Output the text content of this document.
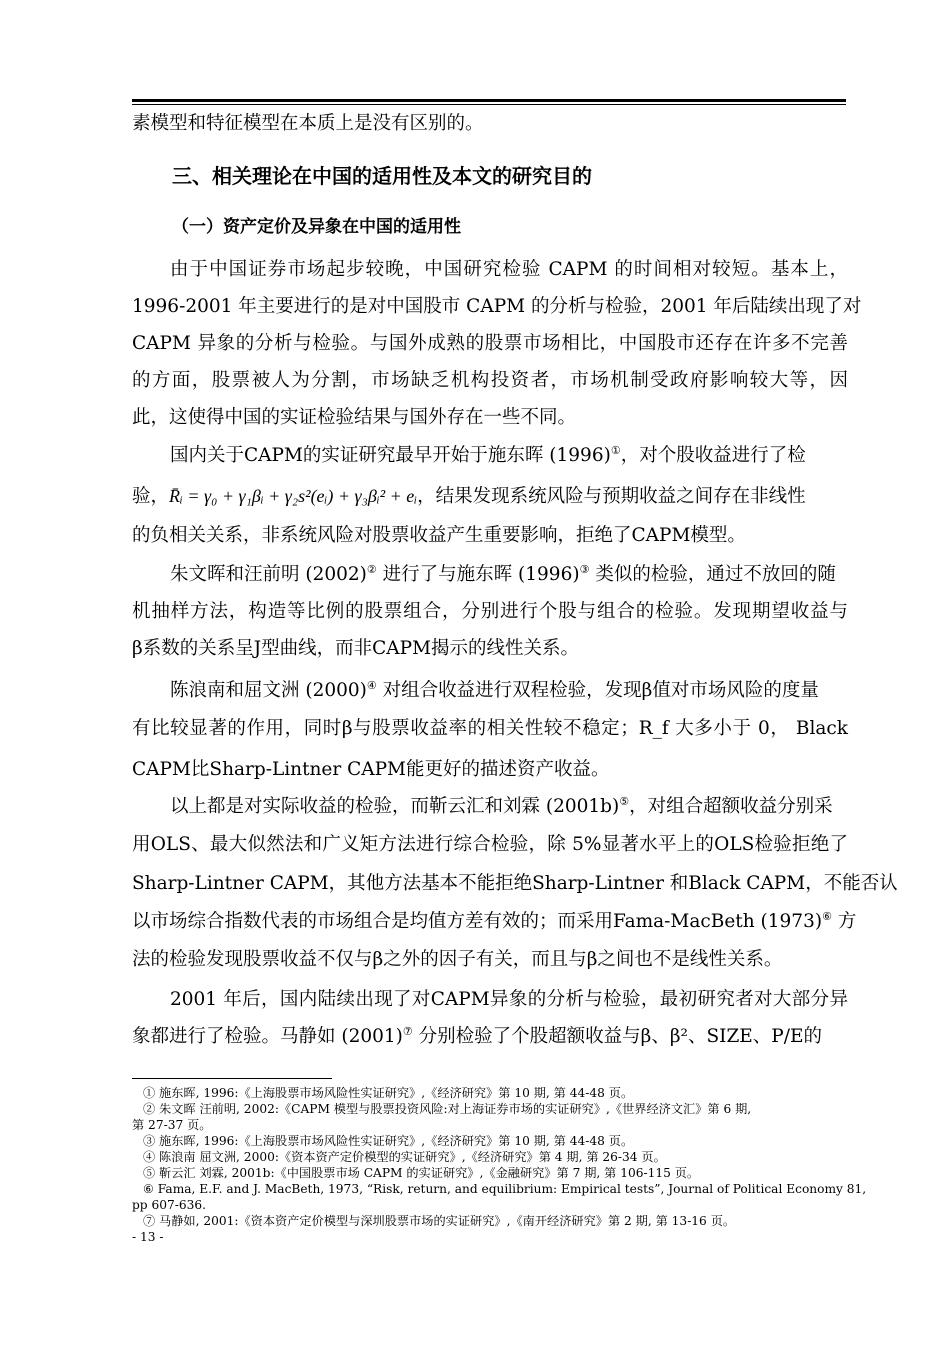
素模型和特征模型在本质上是没有区别的。
三、相关理论在中国的适用性及本文的研究目的
（一）资产定价及异象在中国的适用性
由于中国证券市场起步较晚，中国研究检验 CAPM 的时间相对较短。基本上，
1996-2001 年主要进行的是对中国股市 CAPM 的分析与检验，2001 年后陆续出现了对
CAPM 异象的分析与检验。与国外成熟的股票市场相比，中国股市还存在许多不完善
的方面，股票被人为分割，市场缺乏机构投资者，市场机制受政府影响较大等，因
此，这使得中国的实证检验结果与国外存在一些不同。
国内关于CAPM的实证研究最早开始于施东晖 (1996)①，对个股收益进行了检
验，R̄ᵢ = γ₀ + γ₁βᵢ + γ₂s²(eᵢ) + γ₃βᵢ² + eᵢ，结果发现系统风险与预期收益之间存在非线性
的负相关关系，非系统风险对股票收益产生重要影响，拒绝了CAPM模型。
朱文晖和汪前明 (2002)② 进行了与施东晖 (1996)③ 类似的检验，通过不放回的随
机抽样方法，构造等比例的股票组合，分别进行个股与组合的检验。发现期望收益与
β系数的关系呈J型曲线，而非CAPM揭示的线性关系。
陈浪南和屈文洲 (2000)④ 对组合收益进行双程检验，发现β值对市场风险的度量
有比较显著的作用，同时β与股票收益率的相关性较不稳定；R_f 大多小于 0， Black
CAPM比Sharp-Lintner CAPM能更好的描述资产收益。
以上都是对实际收益的检验，而靳云汇和刘霖 (2001b)⑤，对组合超额收益分别采
用OLS、最大似然法和广义矩方法进行综合检验，除 5%显著水平上的OLS检验拒绝了
Sharp-Lintner CAPM，其他方法基本不能拒绝Sharp-Lintner 和Black CAPM，不能否认
以市场综合指数代表的市场组合是均值方差有效的；而采用Fama-MacBeth (1973)⑥ 方
法的检验发现股票收益不仅与β之外的因子有关，而且与β之间也不是线性关系。
2001 年后，国内陆续出现了对CAPM异象的分析与检验，最初研究者对大部分异
象都进行了检验。马静如 (2001)⑦ 分别检验了个股超额收益与β、β²、SIZE、P/E的
① 施东晖, 1996:《上海股票市场风险性实证研究》,《经济研究》第 10 期, 第 44-48 页。
② 朱文晖 汪前明, 2002:《CAPM 模型与股票投资风险:对上海证券市场的实证研究》,《世界经济文汇》第 6 期,
第 27-37 页。
③ 施东晖, 1996:《上海股票市场风险性实证研究》,《经济研究》第 10 期, 第 44-48 页。
④ 陈浪南 屈文洲, 2000:《资本资产定价模型的实证研究》,《经济研究》第 4 期, 第 26-34 页。
⑤ 靳云汇 刘霖, 2001b:《中国股票市场 CAPM 的实证研究》,《金融研究》第 7 期, 第 106-115 页。
⑥ Fama, E.F. and J. MacBeth, 1973, “Risk, return, and equilibrium: Empirical tests”, Journal of Political Economy 81,
pp 607-636.
⑦ 马静如, 2001:《资本资产定价模型与深圳股票市场的实证研究》,《南开经济研究》第 2 期, 第 13-16 页。
- 13 -
